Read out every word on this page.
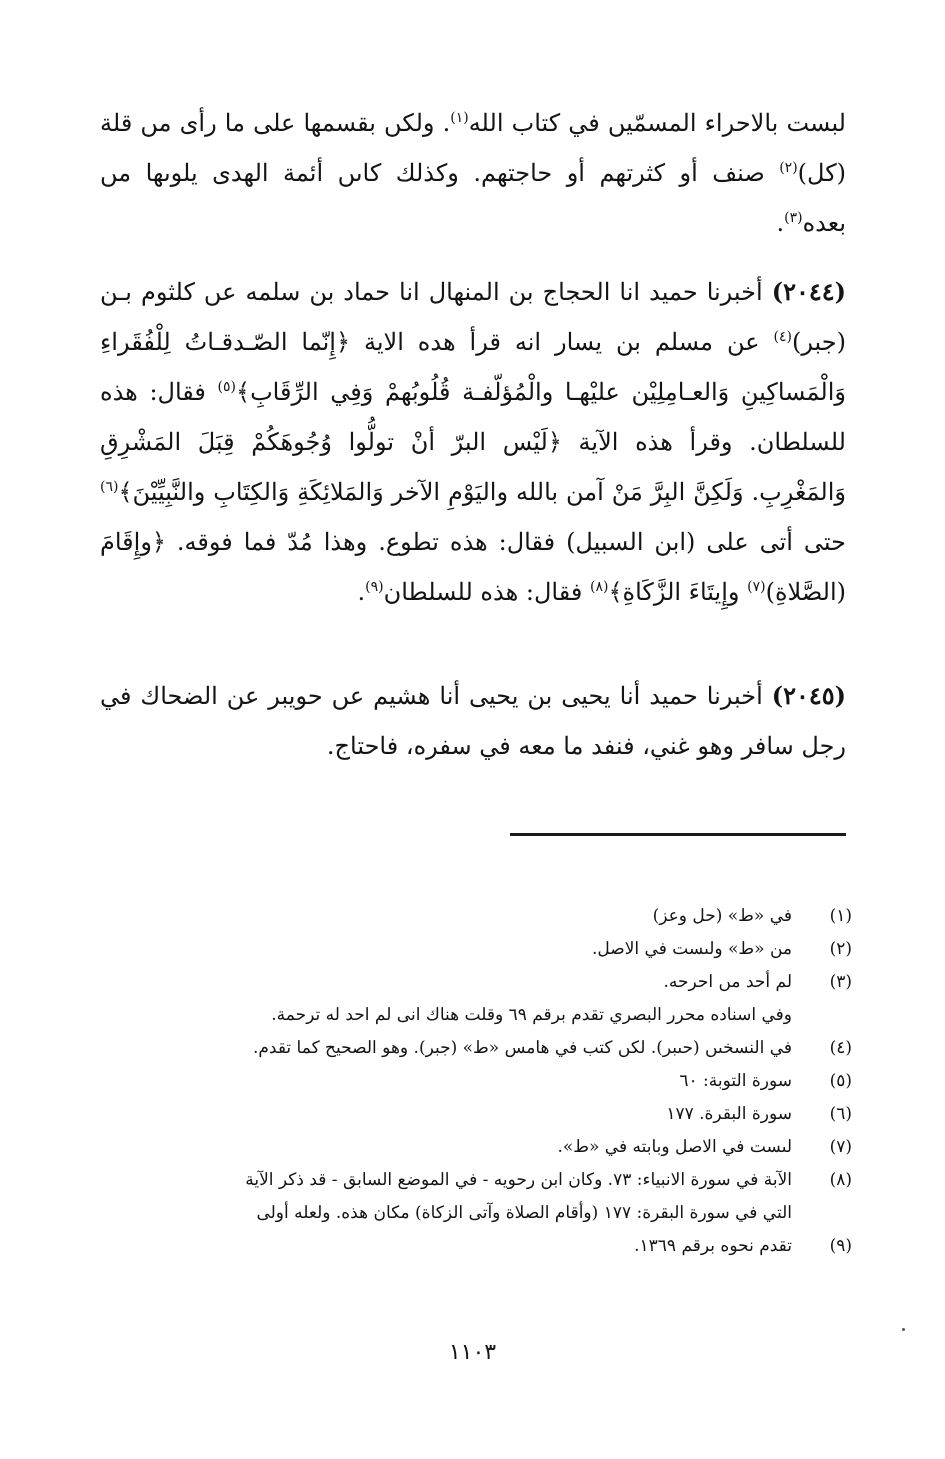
لبست بالاحراء المسمّيں في كتاب الله$^{(١)}$. ولكں بقسمها على ما رأى مں قلة (كل)$^{(٢)}$ صنف أو كثرتهم أو حاجتهم. وكذلك كاںں أئمة الهدى يلوںها مں بعده$^{(٣)}$.

(٢٠٤٤) أخبرنا حميد انا الحجاج بن المنهال انا حماد بن سلمه عں كلثوم بـن (جبر)$^{(٤)}$ عن مسلم بن يسار انه قرأ هده الاية ﴿إِنّما الصّـدقـاتُ لِلْفُقَراءِ وَالْمَساكِينِ وَالعـامِلِيْن عليْهـا والْمُؤلّفـة قُلُوبُهمْ وَفِي الرِّقَابِ﴾$^{(٥)}$ فقال: هذه للسلطان. وقرأ هذه الآية ﴿لَيْس البرّ أنْ تولُّوا وُجُوهَكُمْ قِبَلَ المَشْرِقِ وَالمَغْرِبِ. وَلَكِنَّ البِرَّ مَنْ آمن بالله واليَوْمِ الآخر وَالمَلائِكَةِ وَالكِتَابِ والنَّبِيِّيْنَ﴾$^{(٦)}$ حتى أتى على (ابن السبيل) فقال: هذه تطوع. وهذا مُدّ فما فوقه. ﴿وإِقَامَ (الصَّلاةِ)$^{(٧)}$ وإِيتَاءَ الزَّكَاةِ﴾$^{(٨)}$ فقال: هذه للسلطان$^{(٩)}$.

(٢٠٤٥) أخبرنا حميد أنا يحيى بن يحيى أنا هشيم عں حويبر عن الضحاك في رجل سافر وهو غني، فنفد ما معه في سفره، فاحتاج.

(١)
في «ط» (حل وعز)
(٢)
من «ط» ولىست في الاصل.
(٣)
لم أحد مں احرحه.
وفي اسناده محرر البصري تقدم برقم ٦٩ وقلت هناك انى لم احد له ترحمة.
(٤)
في النسخىں (حىبر). لكں كتب في هامس «ط» (جبر). وهو الصحيح كما تقدم.
(٥)
سورة التوبة: ٦٠
(٦)
سورة البقرة. ١٧٧
(٧)
لىست في الاصل وبابته في «ط».
(٨)
الآبة في سورة الانبياء: ٧٣. وكان ابن رحويه - في الموضع السابق - قد ذكر الآية
التي في سورة البقرة: ١٧٧ (وأقام الصلاة وآتى الزكاة) مكان هذه. ولعله أولى
(٩)
تقدم نحوه برقم ١٣٦٩.
١١٠٣
